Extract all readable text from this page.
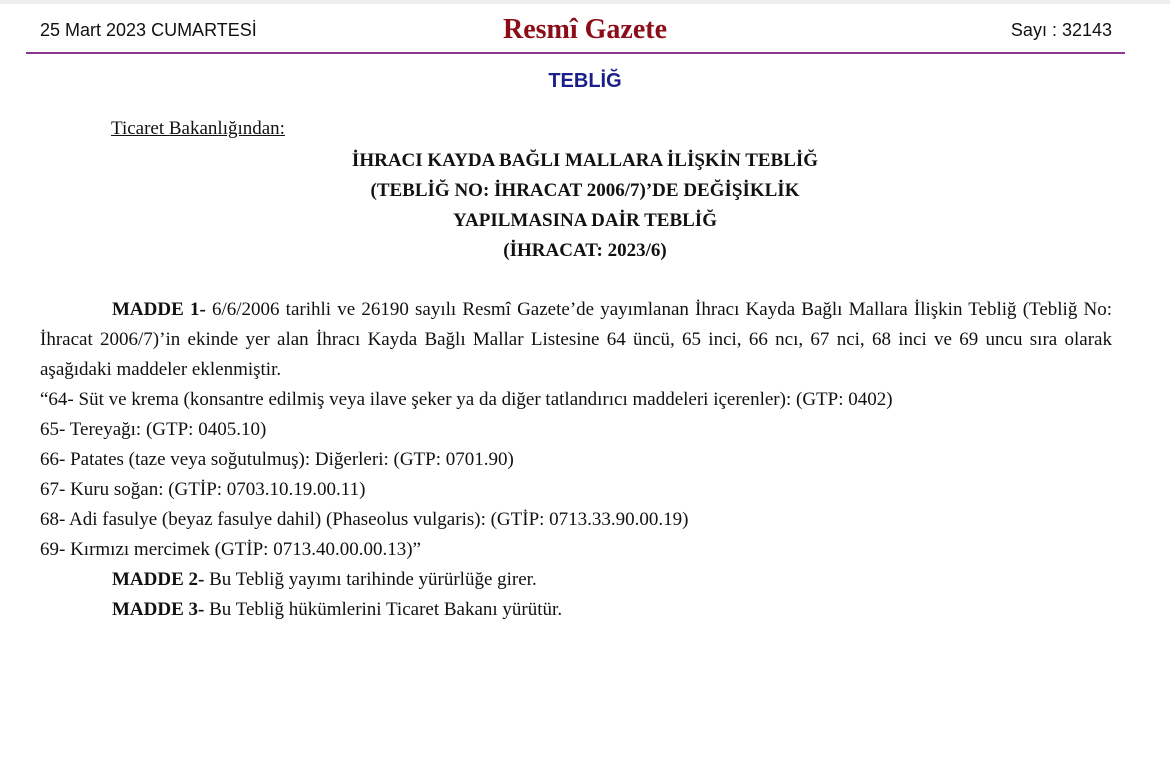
25 Mart 2023 CUMARTESİ	Resmî Gazete	Sayı : 32143
TEBLİĞ
Ticaret Bakanlığından:
İHRACI KAYDA BAĞLI MALLARA İLİŞKİN TEBLİĞ
(TEBLİĞ NO: İHRACAT 2006/7)’DE DEĞİŞİKLİK
YAPILMASINA DAİR TEBLİĞ
(İHRACAT: 2023/6)

MADDE 1- 6/6/2006 tarihli ve 26190 sayılı Resmî Gazete’de yayımlanan İhracı Kayda Bağlı Mallara İlişkin Tebliğ (Tebliğ No: İhracat 2006/7)’in ekinde yer alan İhracı Kayda Bağlı Mallar Listesine 64 üncü, 65 inci, 66 ncı, 67 nci, 68 inci ve 69 uncu sıra olarak aşağıdaki maddeler eklenmiştir.

“64- Süt ve krema (konsantre edilmiş veya ilave şeker ya da diğer tatlandırıcı maddeleri içerenler): (GTP: 0402)

65- Tereyağı: (GTP: 0405.10)

66- Patates (taze veya soğutulmuş): Diğerleri: (GTP: 0701.90)

67- Kuru soğan: (GTİP: 0703.10.19.00.11)

68- Adi fasulye (beyaz fasulye dahil) (Phaseolus vulgaris): (GTİP: 0713.33.90.00.19)

69- Kırmızı mercimek (GTİP: 0713.40.00.00.13)”

MADDE 2- Bu Tebliğ yayımı tarihinde yürürlüğe girer.

MADDE 3- Bu Tebliğ hükümlerini Ticaret Bakanı yürütür.
